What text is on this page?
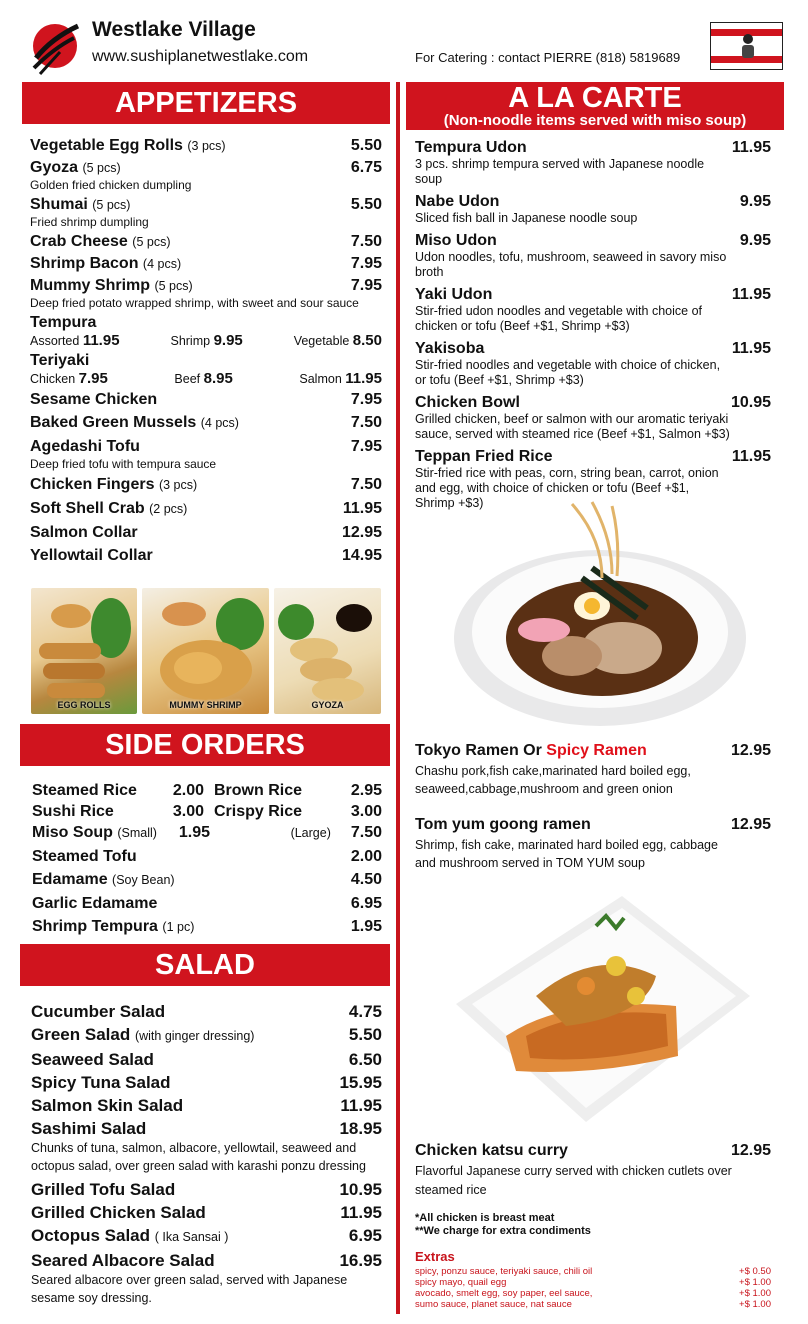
Westlake Village
www.sushiplanetwestlake.com	For Catering : contact PIERRE (818) 5819689
APPETIZERS
Vegetable Egg Rolls (3 pcs)	5.50
Gyoza (5 pcs)	6.75
Golden fried chicken dumpling
Shumai (5 pcs)	5.50
Fried shrimp dumpling
Crab Cheese (5 pcs)	7.50
Shrimp Bacon (4 pcs)	7.95
Mummy Shrimp (5 pcs)	7.95
Deep fried potato wrapped shrimp, with sweet and sour sauce
Tempura
Assorted 11.95	Shrimp 9.95	Vegetable 8.50
Teriyaki
Chicken 7.95	Beef 8.95	Salmon 11.95
Sesame Chicken	7.95
Baked Green Mussels (4 pcs)	7.50
Agedashi Tofu	7.95
Deep fried tofu with tempura sauce
Chicken Fingers (3 pcs)	7.50
Soft Shell Crab (2 pcs)	11.95
Salmon Collar	12.95
Yellowtail Collar	14.95
EGG ROLLS	MUMMY SHRIMP	GYOZA
SIDE ORDERS
Steamed Rice 2.00 Brown Rice	2.95
Sushi Rice	3.00 Crispy Rice	3.00
Miso Soup (Small) 1.95	(Large)	7.50
Steamed Tofu	2.00
Edamame (Soy Bean)	4.50
Garlic Edamame	6.95
Shrimp Tempura (1 pc)	1.95
SALAD
Cucumber Salad	4.75
Green Salad (with ginger dressing)	5.50
Seaweed Salad	6.50
Spicy Tuna Salad	15.95
Salmon Skin Salad	11.95
Sashimi Salad	18.95
Chunks of tuna, salmon, albacore, yellowtail, seaweed and octopus salad, over green salad with karashi ponzu dressing
Grilled Tofu Salad	10.95
Grilled Chicken Salad	11.95
Octopus Salad ( Ika Sansai )	6.95
Seared Albacore Salad	16.95
Seared albacore over green salad, served with Japanese sesame soy dressing.
A LA CARTE
(Non-noodle items served with miso soup)
Tempura Udon	11.95
3 pcs. shrimp tempura served with Japanese noodle soup
Nabe Udon	9.95
Sliced fish ball in Japanese noodle soup
Miso Udon	9.95
Udon noodles, tofu, mushroom, seaweed in savory miso broth
Yaki Udon	11.95
Stir-fried udon noodles and vegetable with choice of chicken or tofu (Beef +$1, Shrimp +$3)
Yakisoba	11.95
Stir-fried noodles and vegetable with choice of chicken, or tofu (Beef +$1, Shrimp +$3)
Chicken Bowl	10.95
Grilled chicken, beef or salmon with our aromatic teriyaki sauce, served with steamed rice (Beef +$1, Salmon +$3)
Teppan Fried Rice	11.95
Stir-fried rice with peas, corn, string bean, carrot, onion and egg, with choice of chicken or tofu (Beef +$1, Shrimp +$3)
Tokyo Ramen Or Spicy Ramen	12.95
Chashu pork,fish cake,marinated hard boiled egg, seaweed,cabbage,mushroom and green onion
Tom yum goong ramen	12.95
Shrimp, fish cake, marinated hard boiled egg, cabbage and mushroom served in TOM YUM soup
Chicken katsu curry	12.95
Flavorful Japanese curry served with chicken cutlets over steamed rice
*All chicken is breast meat
**We charge for extra condiments
Extras
spicy, ponzu sauce, teriyaki sauce, chili oil	+$ 0.50
spicy mayo, quail egg	+$ 1.00
avocado, smelt egg, soy paper, eel sauce,	+$ 1.00
sumo sauce, planet sauce, nat sauce	+$ 1.00
